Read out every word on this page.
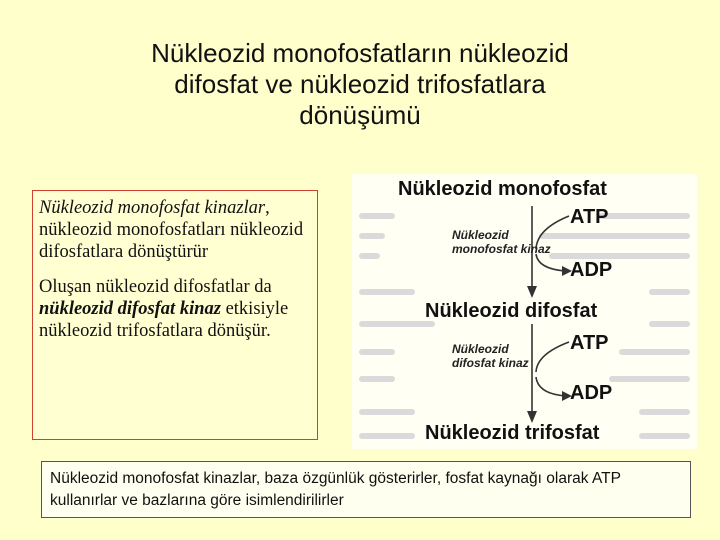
Nükleozid monofosfatların nükleozid
difosfat ve nükleozid trifosfatlara
dönüşümü

Nükleozid monofosfat kinazlar, nükleozid monofosfatları nükleozid difosfatlara dönüştürür

Oluşan nükleozid difosfatlar da nükleozid difosfat kinaz etkisiyle nükleozid trifosfatlara dönüşür.

Nükleozid monofosfat
ATP
Nükleozid
monofosfat kinaz
ADP
Nükleozid difosfat
ATP
Nükleozid
difosfat kinaz
ADP
Nükleozid trifosfat
Nükleozid monofosfat kinazlar, baza özgünlük gösterirler, fosfat kaynağı olarak ATP kullanırlar ve bazlarına göre isimlendirilirler
